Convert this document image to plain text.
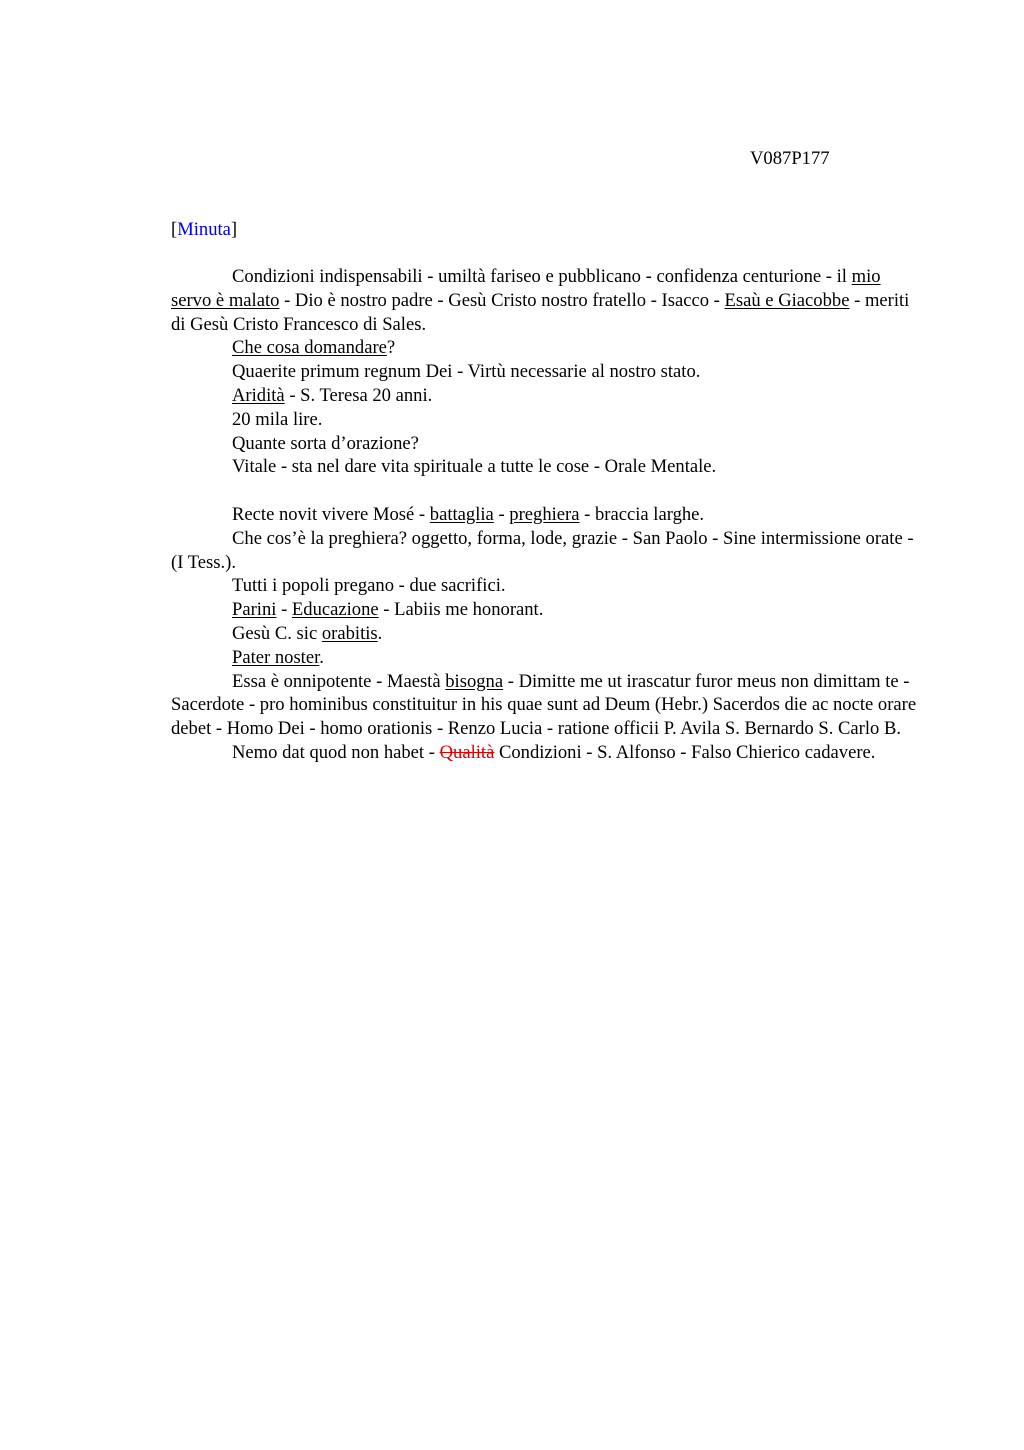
V087P177
[Minuta]

Condizioni indispensabili - umiltà fariseo e pubblicano - confidenza centurione - il mio servo è malato - Dio è nostro padre - Gesù Cristo nostro fratello - Isacco - Esaù e Giacobbe - meriti di Gesù Cristo Francesco di Sales.

Che cosa domandare?

Quaerite primum regnum Dei - Virtù necessarie al nostro stato.

Aridità - S. Teresa 20 anni.

20 mila lire.

Quante sorta d’orazione?

Vitale - sta nel dare vita spirituale a tutte le cose - Orale Mentale.

Recte novit vivere Mosé - battaglia - preghiera - braccia larghe.

Che cos’è la preghiera? oggetto, forma, lode, grazie - San Paolo - Sine intermissione orate - (I Tess.).

Tutti i popoli pregano - due sacrifici.

Parini - Educazione - Labiis me honorant.

Gesù C. sic orabitis.

Pater noster.

Essa è onnipotente - Maestà bisogna - Dimitte me ut irascatur furor meus non dimittam te - Sacerdote - pro hominibus constituitur in his quae sunt ad Deum (Hebr.) Sacerdos die ac nocte orare debet - Homo Dei - homo orationis - Renzo Lucia - ratione officii P. Avila S. Bernardo S. Carlo B.

Nemo dat quod non habet - Qualità Condizioni - S. Alfonso - Falso Chierico cadavere.
